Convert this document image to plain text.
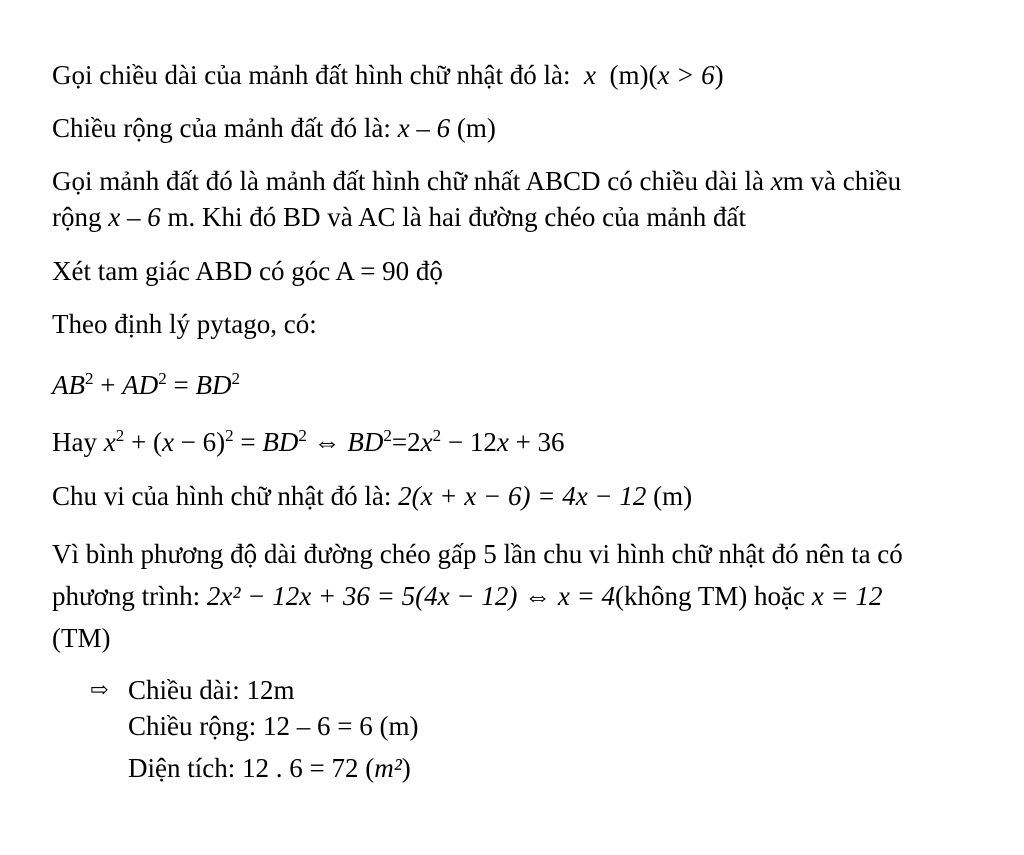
Gọi chiều dài của mảnh đất hình chữ nhật đó là:  x  (m)(x > 6)
Chiều rộng của mảnh đất đó là: x – 6 (m)
Gọi mảnh đất đó là mảnh đất hình chữ nhất ABCD có chiều dài là xm và chiều
rộng x – 6 m. Khi đó BD và AC là hai đường chéo của mảnh đất
Xét tam giác ABD có góc A = 90 độ
Theo định lý pytago, có:
$AB^2 + AD^2 = BD^2$
Hay $x^2 + (x - 6)^2 = BD^2$ ⇔ $BD^2=2x^2 - 12x + 36$
Chu vi của hình chữ nhật đó là: 2(x + x − 6) = 4x − 12 (m)
Vì bình phương độ dài đường chéo gấp 5 lần chu vi hình chữ nhật đó nên ta có
phương trình: 2x² − 12x + 36 = 5(4x − 12) ⇔ x = 4(không TM) hoặc x = 12
(TM)
⇨ Chiều dài: 12m
Chiều rộng: 12 – 6 = 6 (m)
Diện tích: 12 . 6 = 72 (m²)
